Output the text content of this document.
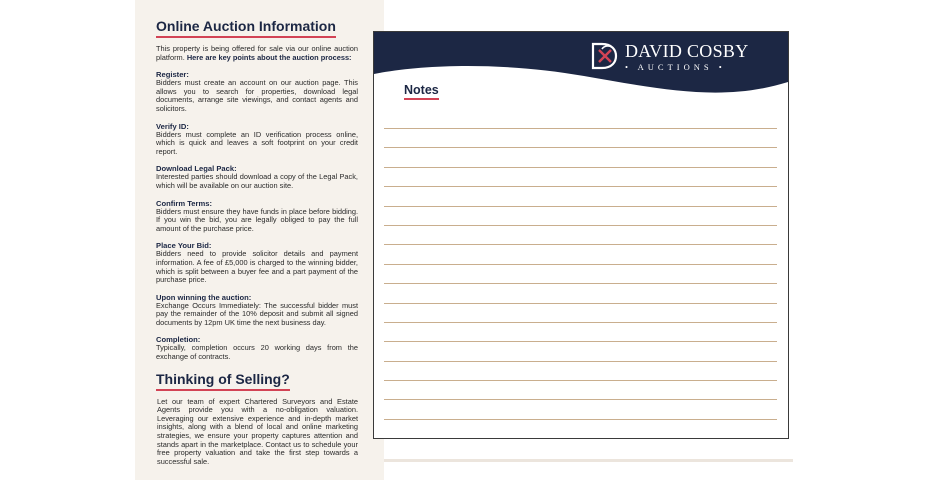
Online Auction Information

This property is being offered for sale via our online auction platform. Here are key points about the auction process:

Register:
Bidders must create an account on our auction page. This allows you to search for properties, download legal documents, arrange site viewings, and contact agents and solicitors.
Verify ID:
Bidders must complete an ID verification process online, which is quick and leaves a soft footprint on your credit report.
Download Legal Pack:
Interested parties should download a copy of the Legal Pack, which will be available on our auction site.
Confirm Terms:
Bidders must ensure they have funds in place before bidding. If you win the bid, you are legally obliged to pay the full amount of the purchase price.
Place Your Bid:
Bidders need to provide solicitor details and payment information. A fee of £5,000 is charged to the winning bidder, which is split between a buyer fee and a part payment of the purchase price.
Upon winning the auction:
Exchange Occurs Immediately: The successful bidder must pay the remainder of the 10% deposit and submit all signed documents by 12pm UK time the next business day.
Completion:
Typically, completion occurs 20 working days from the exchange of contracts.
Thinking of Selling?
Let our team of expert Chartered Surveyors and Estate Agents provide you with a no-obligation valuation. Leveraging our extensive experience and in-depth market insights, along with a blend of local and online marketing strategies, we ensure your property captures attention and stands apart in the marketplace. Contact us to schedule your free property valuation and take the first step towards a successful sale.
DAVID COSBY
• AUCTIONS •
Notes
